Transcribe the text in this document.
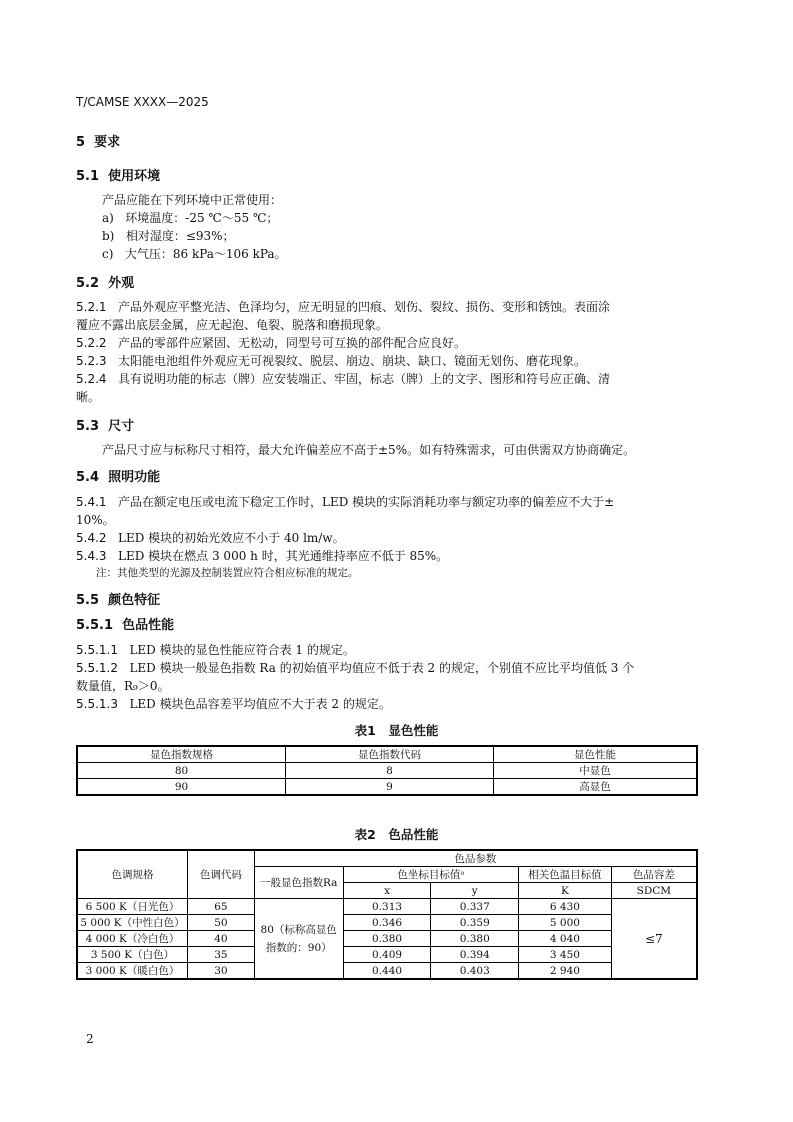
T/CAMSE XXXX—2025
5 要求
5.1 使用环境
产品应能在下列环境中正常使用：
a) 环境温度：-25 ℃～55 ℃；
b) 相对湿度：≤93%；
c) 大气压：86 kPa～106 kPa。
5.2 外观
5.2.1 产品外观应平整光洁、色泽均匀，应无明显的凹痕、划伤、裂纹、损伤、变形和锈蚀。表面涂
覆应不露出底层金属，应无起泡、龟裂、脱落和磨损现象。
5.2.2 产品的零部件应紧固、无松动，同型号可互换的部件配合应良好。
5.2.3 太阳能电池组件外观应无可视裂纹、脱层、崩边、崩块、缺口、镜面无划伤、磨花现象。
5.2.4 具有说明功能的标志（牌）应安装端正、牢固，标志（牌）上的文字、图形和符号应正确、清
晰。
5.3 尺寸
产品尺寸应与标称尺寸相符，最大允许偏差应不高于±5%。如有特殊需求，可由供需双方协商确定。
5.4 照明功能
5.4.1 产品在额定电压或电流下稳定工作时，LED 模块的实际消耗功率与额定功率的偏差应不大于±
10%。
5.4.2 LED 模块的初始光效应不小于 40 lm/w。
5.4.3 LED 模块在燃点 3 000 h 时，其光通维持率应不低于 85%。
注：其他类型的光源及控制装置应符合相应标准的规定。
5.5 颜色特征
5.5.1 色品性能
5.5.1.1 LED 模块的显色性能应符合表 1 的规定。
5.5.1.2 LED 模块一般显色指数 Ra 的初始值平均值应不低于表 2 的规定，个别值不应比平均值低 3 个
数量值，R₉＞0。
5.5.1.3 LED 模块色品容差平均值应不大于表 2 的规定。
表1　显色性能
显色指数规格	显色指数代码	显色性能
80	8	中显色
90	9	高显色
表2　色品性能
色调规格	色调代码	色品参数				
		一般显色指数Ra	色坐标目标值ᵃ		相关色温目标值	色品容差
			x	y	K	SDCM
6 500 K（日光色）	65	80（标称高显色指数的：90）	0.313	0.337	6 430	≤7
5 000 K（中性白色）	50		0.346	0.359	5 000	
4 000 K（冷白色）	40		0.380	0.380	4 040	
3 500 K（白色）	35		0.409	0.394	3 450	
3 000 K（暖白色）	30		0.440	0.403	2 940	
2
